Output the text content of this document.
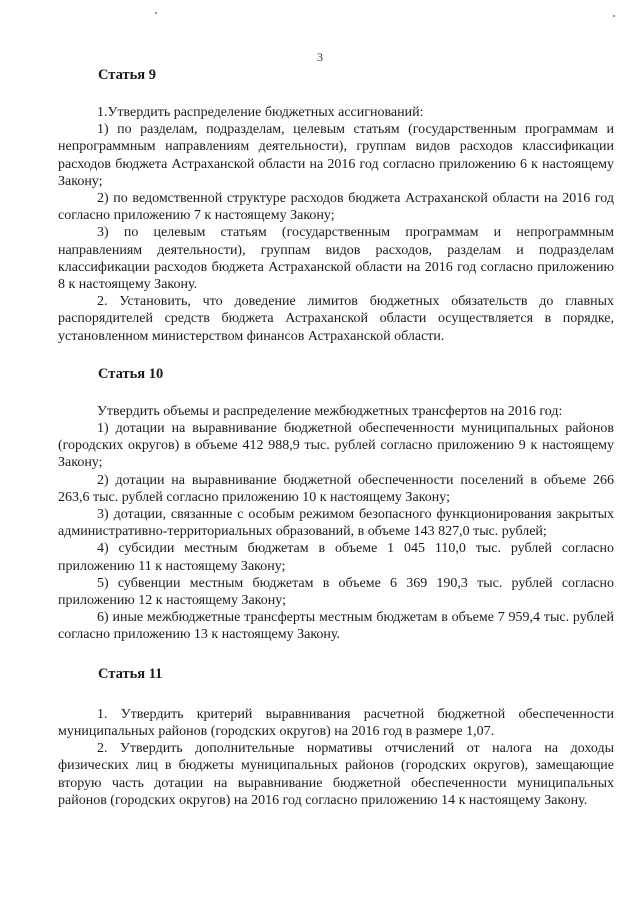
3
Статья 9

1.Утвердить распределение бюджетных ассигнований:

1) по разделам, подразделам, целевым статьям (государственным программам и непрограммным направлениям деятельности), группам видов расходов классификации расходов бюджета Астраханской области на 2016 год согласно приложению 6 к настоящему Закону;

2) по ведомственной структуре расходов бюджета Астраханской области на 2016 год согласно приложению 7 к настоящему Закону;

3) по целевым статьям (государственным программам и непрограммным направлениям деятельности), группам видов расходов, разделам и подразделам классификации расходов бюджета Астраханской области на 2016 год согласно приложению 8 к настоящему Закону.

2. Установить, что доведение лимитов бюджетных обязательств до главных распорядителей средств бюджета Астраханской области осуществляется в порядке, установленном министерством финансов Астраханской области.

Статья 10

Утвердить объемы и распределение межбюджетных трансфертов на 2016 год:

1) дотации на выравнивание бюджетной обеспеченности муниципальных районов (городских округов) в объеме 412 988,9 тыс. рублей согласно приложению 9 к настоящему Закону;

2) дотации на выравнивание бюджетной обеспеченности поселений в объеме 266 263,6 тыс. рублей согласно приложению 10 к настоящему Закону;

3) дотации, связанные с особым режимом безопасного функционирования закрытых административно-территориальных образований, в объеме 143 827,0 тыс. рублей;

4) субсидии местным бюджетам в объеме 1 045 110,0 тыс. рублей согласно приложению 11 к настоящему Закону;

5) субвенции местным бюджетам в объеме 6 369 190,3 тыс. рублей согласно приложению 12 к настоящему Закону;

6) иные межбюджетные трансферты местным бюджетам в объеме 7 959,4 тыс. рублей согласно приложению 13 к настоящему Закону.

Статья 11

1. Утвердить критерий выравнивания расчетной бюджетной обеспеченности муниципальных районов (городских округов) на 2016 год в размере 1,07.

2. Утвердить дополнительные нормативы отчислений от налога на доходы физических лиц в бюджеты муниципальных районов (городских округов), замещающие вторую часть дотации на выравнивание бюджетной обеспеченности муниципальных районов (городских округов) на 2016 год согласно приложению 14 к настоящему Закону.
